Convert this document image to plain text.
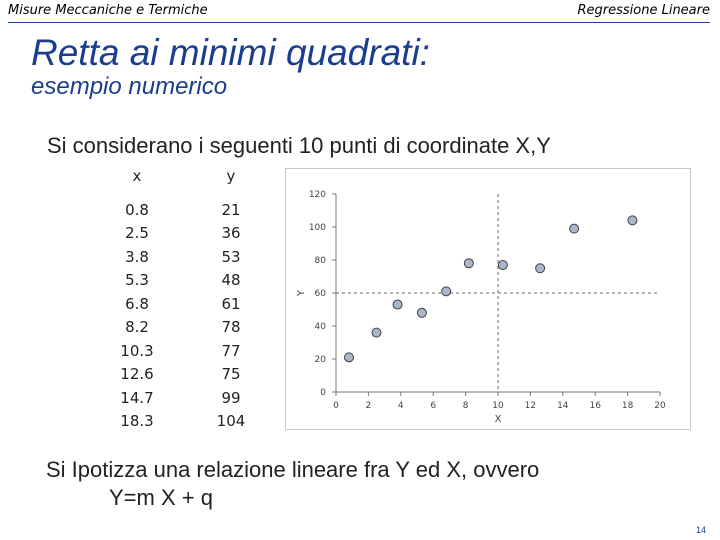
Misure Meccaniche e Termiche	Regressione Lineare
Retta ai minimi quadrati:
esempio numerico
Si considerano i seguenti 10 punti di coordinate X,Y
x	y

0.8	21
2.5	36
3.8	53
5.3	48
6.8	61
8.2	78
10.3	77
12.6	75
14.7	99
18.3	104
0	2	4	6	8	10 12 14 16 18 20
0
20
40
60
80
100
120
X
Y
Si Ipotizza una relazione lineare fra Y ed X, ovvero
Y=m X + q
14
